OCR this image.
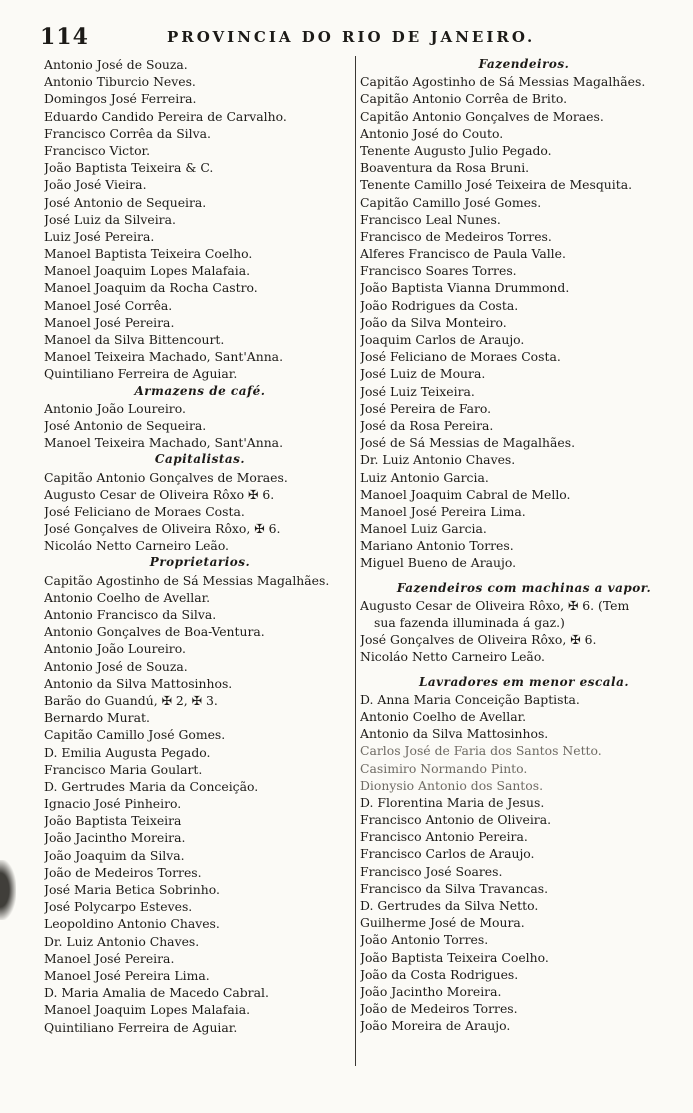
114	PROVINCIA DO RIO DE JANEIRO.
Antonio José de Souza.
Antonio Tiburcio Neves.
Domingos José Ferreira.
Eduardo Candido Pereira de Carvalho.
Francisco Corrêa da Silva.
Francisco Victor.
João Baptista Teixeira & C.
João José Vieira.
José Antonio de Sequeira.
José Luiz da Silveira.
Luiz José Pereira.
Manoel Baptista Teixeira Coelho.
Manoel Joaquim Lopes Malafaia.
Manoel Joaquim da Rocha Castro.
Manoel José Corrêa.
Manoel José Pereira.
Manoel da Silva Bittencourt.
Manoel Teixeira Machado, Sant'Anna.
Quintiliano Ferreira de Aguiar.
Armazens de café.
Antonio João Loureiro.
José Antonio de Sequeira.
Manoel Teixeira Machado, Sant'Anna.
Capitalistas.
Capitão Antonio Gonçalves de Moraes.
Augusto Cesar de Oliveira Rôxo ✠ 6.
José Feliciano de Moraes Costa.
José Gonçalves de Oliveira Rôxo, ✠ 6.
Nicoláo Netto Carneiro Leão.
Proprietarios.
Capitão Agostinho de Sá Messias Magalhães.
Antonio Coelho de Avellar.
Antonio Francisco da Silva.
Antonio Gonçalves de Boa-Ventura.
Antonio João Loureiro.
Antonio José de Souza.
Antonio da Silva Mattosinhos.
Barão do Guandú, ✠ 2, ✠ 3.
Bernardo Murat.
Capitão Camillo José Gomes.
D. Emilia Augusta Pegado.
Francisco Maria Goulart.
D. Gertrudes Maria da Conceição.
Ignacio José Pinheiro.
João Baptista Teixeira
João Jacintho Moreira.
João Joaquim da Silva.
João de Medeiros Torres.
José Maria Betica Sobrinho.
José Polycarpo Esteves.
Leopoldino Antonio Chaves.
Dr. Luiz Antonio Chaves.
Manoel José Pereira.
Manoel José Pereira Lima.
D. Maria Amalia de Macedo Cabral.
Manoel Joaquim Lopes Malafaia.
Quintiliano Ferreira de Aguiar.
Fazendeiros.
Capitão Agostinho de Sá Messias Magalhães.
Capitão Antonio Corrêa de Brito.
Capitão Antonio Gonçalves de Moraes.
Antonio José do Couto.
Tenente Augusto Julio Pegado.
Boaventura da Rosa Bruni.
Tenente Camillo José Teixeira de Mesquita.
Capitão Camillo José Gomes.
Francisco Leal Nunes.
Francisco de Medeiros Torres.
Alferes Francisco de Paula Valle.
Francisco Soares Torres.
João Baptista Vianna Drummond.
João Rodrigues da Costa.
João da Silva Monteiro.
Joaquim Carlos de Araujo.
José Feliciano de Moraes Costa.
José Luiz de Moura.
José Luiz Teixeira.
José Pereira de Faro.
José da Rosa Pereira.
José de Sá Messias de Magalhães.
Dr. Luiz Antonio Chaves.
Luiz Antonio Garcia.
Manoel Joaquim Cabral de Mello.
Manoel José Pereira Lima.
Manoel Luiz Garcia.
Mariano Antonio Torres.
Miguel Bueno de Araujo.
Fazendeiros com machinas a vapor.
Augusto Cesar de Oliveira Rôxo, ✠ 6. (Tem
sua fazenda illuminada á gaz.)
José Gonçalves de Oliveira Rôxo, ✠ 6.
Nicoláo Netto Carneiro Leão.
Lavradores em menor escala.
D. Anna Maria Conceição Baptista.
Antonio Coelho de Avellar.
Antonio da Silva Mattosinhos.
Carlos José de Faria dos Santos Netto.
Casimiro Normando Pinto.
Dionysio Antonio dos Santos.
D. Florentina Maria de Jesus.
Francisco Antonio de Oliveira.
Francisco Antonio Pereira.
Francisco Carlos de Araujo.
Francisco José Soares.
Francisco da Silva Travancas.
D. Gertrudes da Silva Netto.
Guilherme José de Moura.
João Antonio Torres.
João Baptista Teixeira Coelho.
João da Costa Rodrigues.
João Jacintho Moreira.
João de Medeiros Torres.
João Moreira de Araujo.
